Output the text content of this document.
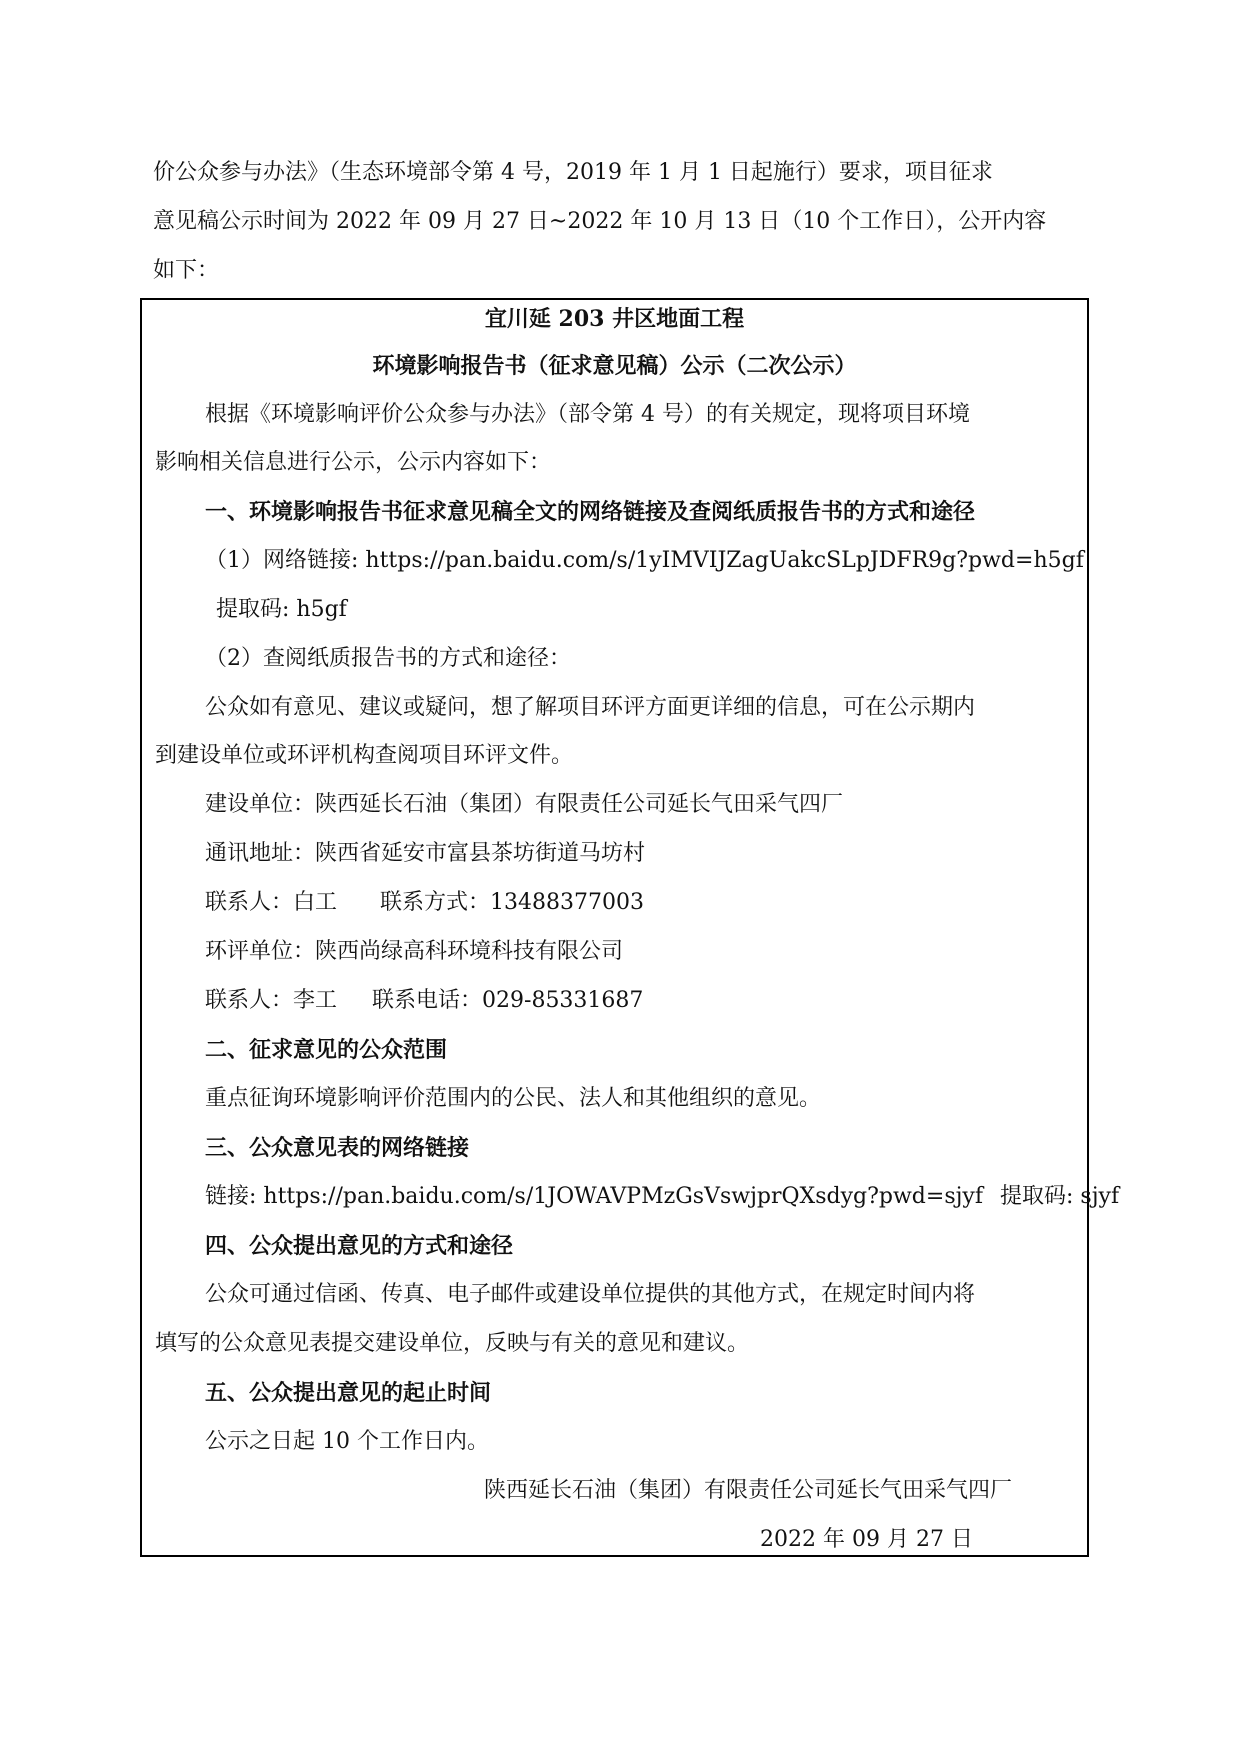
价公众参与办法》（生态环境部令第 4 号，2019 年 1 月 1 日起施行）要求，项目征求
意见稿公示时间为 2022 年 09 月 27 日~2022 年 10 月 13 日（10 个工作日），公开内容
如下：
宜川延 203 井区地面工程
环境影响报告书（征求意见稿）公示（二次公示）
根据《环境影响评价公众参与办法》（部令第 4 号）的有关规定，现将项目环境
影响相关信息进行公示，公示内容如下：
一、环境影响报告书征求意见稿全文的网络链接及查阅纸质报告书的方式和途径
（1）网络链接: https://pan.baidu.com/s/1yIMVIJZagUakcSLpJDFR9g?pwd=h5gf
提取码: h5gf
（2）查阅纸质报告书的方式和途径：
公众如有意见、建议或疑问，想了解项目环评方面更详细的信息，可在公示期内
到建设单位或环评机构查阅项目环评文件。
建设单位：陕西延长石油（集团）有限责任公司延长气田采气四厂
通讯地址：陕西省延安市富县茶坊街道马坊村
联系人：白工 联系方式：13488377003
环评单位：陕西尚绿高科环境科技有限公司
联系人：李工 联系电话：029-85331687
二、征求意见的公众范围
重点征询环境影响评价范围内的公民、法人和其他组织的意见。
三、公众意见表的网络链接
链接: https://pan.baidu.com/s/1JOWAVPMzGsVswjprQXsdyg?pwd=sjyf 提取码: sjyf
四、公众提出意见的方式和途径
公众可通过信函、传真、电子邮件或建设单位提供的其他方式，在规定时间内将
填写的公众意见表提交建设单位，反映与有关的意见和建议。
五、公众提出意见的起止时间
公示之日起 10 个工作日内。
陕西延长石油（集团）有限责任公司延长气田采气四厂
2022 年 09 月 27 日
